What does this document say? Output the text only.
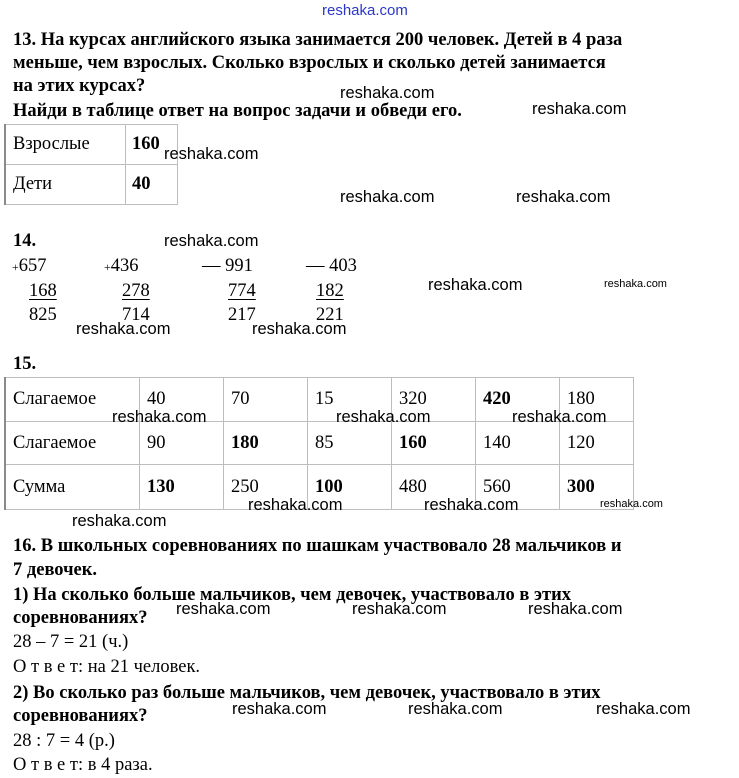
reshaka.com
13. На курсах английского языка занимается 200 человек. Детей в 4 раза
меньше, чем взрослых. Сколько взрослых и сколько детей занимается
на этих курсах?
Найди в таблице ответ на вопрос задачи и обведи его.
Взрослые	160
Дети	40
14.
+657
168
825
+436
278
714
— 991
774
217
— 403
182
221
15.
Слагаемое	40	70	15	320	420	180
Слагаемое	90	180	85	160	140	120
Сумма	130	250	100	480	560	300
16. В школьных соревнованиях по шашкам участвовало 28 мальчиков и
7 девочек.
1) На сколько больше мальчиков, чем девочек, участвовало в этих
соревнованиях?
28 – 7 = 21 (ч.)
О т в е т: на 21 человек.
2) Во сколько раз больше мальчиков, чем девочек, участвовало в этих
соревнованиях?
28 : 7 = 4 (р.)
О т в е т: в 4 раза.
reshaka.com
reshaka.com
reshaka.com
reshaka.com	reshaka.com
reshaka.com
reshaka.com	reshaka.com
reshaka.com	reshaka.com
reshaka.com	reshaka.com	reshaka.com
reshaka.com	reshaka.com	reshaka.com
reshaka.com
reshaka.com	reshaka.com	reshaka.com
reshaka.com	reshaka.com	reshaka.com
